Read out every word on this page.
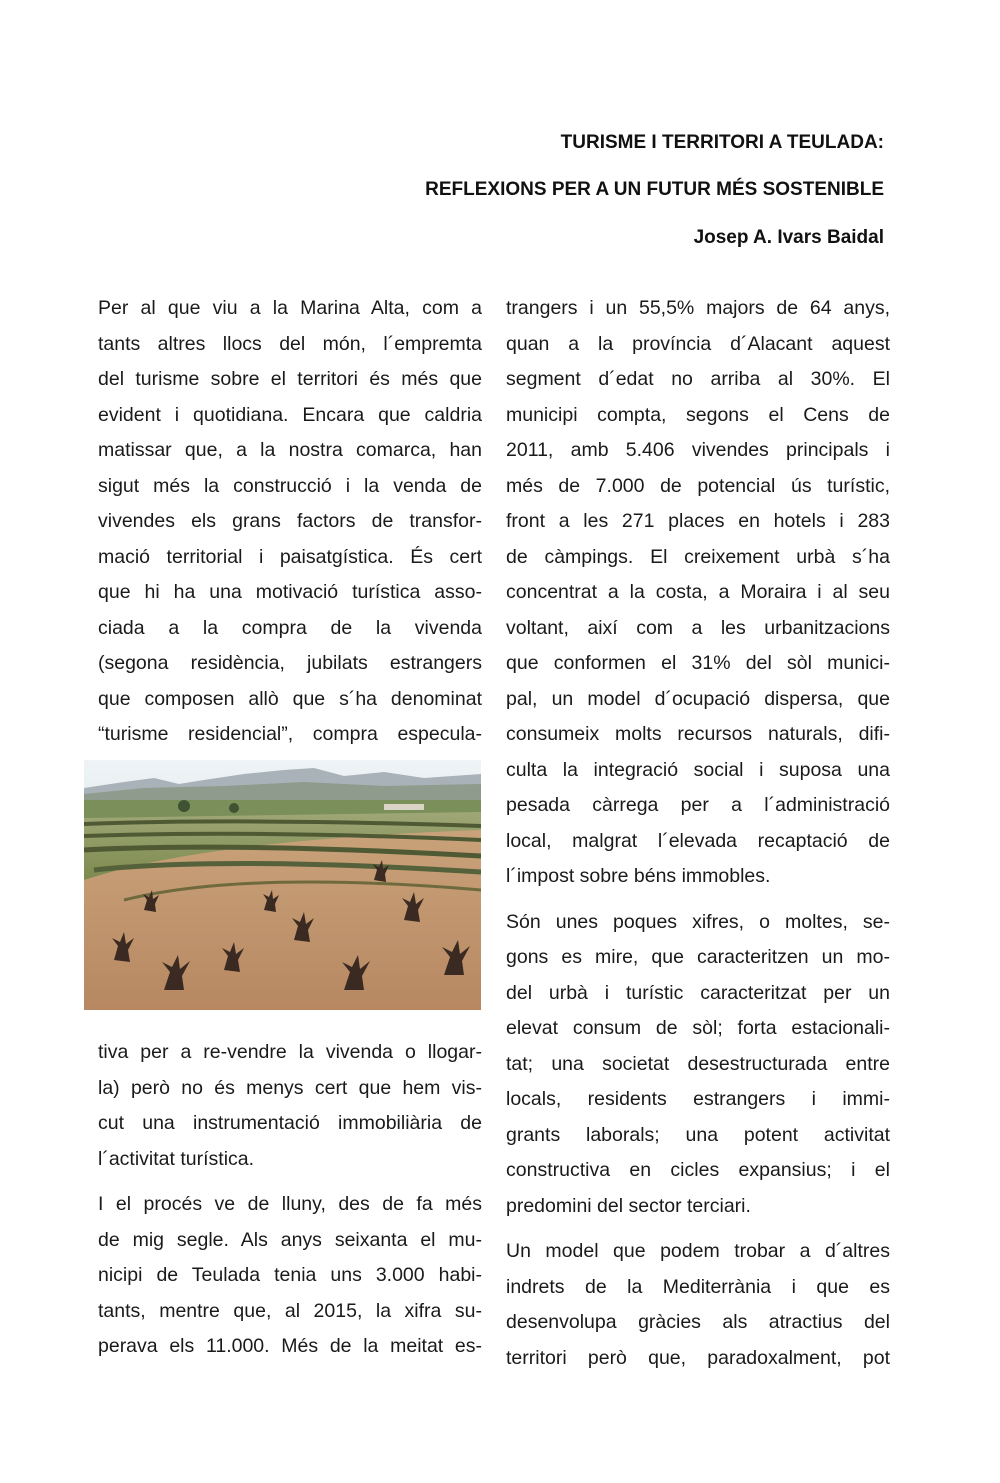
TURISME I TERRITORI A TEULADA:
REFLEXIONS PER A UN FUTUR MÉS SOSTENIBLE
Josep A. Ivars Baidal

Per al que viu a la Marina Alta, com a
tants altres llocs del món, l´empremta
del turisme sobre el territori és més que
evident i quotidiana. Encara que caldria
matissar que, a la nostra comarca, han
sigut més la construcció i la venda de
vivendes els grans factors de transfor-
mació territorial i paisatgística. És cert
que hi ha una motivació turística asso-
ciada a la compra de la vivenda
(segona residència, jubilats estrangers
que composen allò que s´ha denominat
“turisme residencial”, compra especula-

tiva per a re-vendre la vivenda o llogar-
la) però no és menys cert que hem vis-
cut una instrumentació immobiliària de
l´activitat turística.

I el procés ve de lluny, des de fa més
de mig segle. Als anys seixanta el mu-
nicipi de Teulada tenia uns 3.000 habi-
tants, mentre que, al 2015, la xifra su-
perava els 11.000. Més de la meitat es-

trangers i un 55,5% majors de 64 anys,
quan a la província d´Alacant aquest
segment d´edat no arriba al 30%. El
municipi compta, segons el Cens de
2011, amb 5.406 vivendes principals i
més de 7.000 de potencial ús turístic,
front a les 271 places en hotels i 283
de càmpings. El creixement urbà s´ha
concentrat a la costa, a Moraira i al seu
voltant, així com a les urbanitzacions
que conformen el 31% del sòl munici-
pal, un model d´ocupació dispersa, que
consumeix molts recursos naturals, difi-
culta la integració social i suposa una
pesada càrrega per a l´administració
local, malgrat l´elevada recaptació de
l´impost sobre béns immobles.

Són unes poques xifres, o moltes, se-
gons es mire, que caracteritzen un mo-
del urbà i turístic caracteritzat per un
elevat consum de sòl; forta estacionali-
tat; una societat desestructurada entre
locals, residents estrangers i immi-
grants laborals; una potent activitat
constructiva en cicles expansius; i el
predomini del sector terciari.

Un model que podem trobar a d´altres
indrets de la Mediterrània i que es
desenvolupa gràcies als atractius del
territori però que, paradoxalment, pot
